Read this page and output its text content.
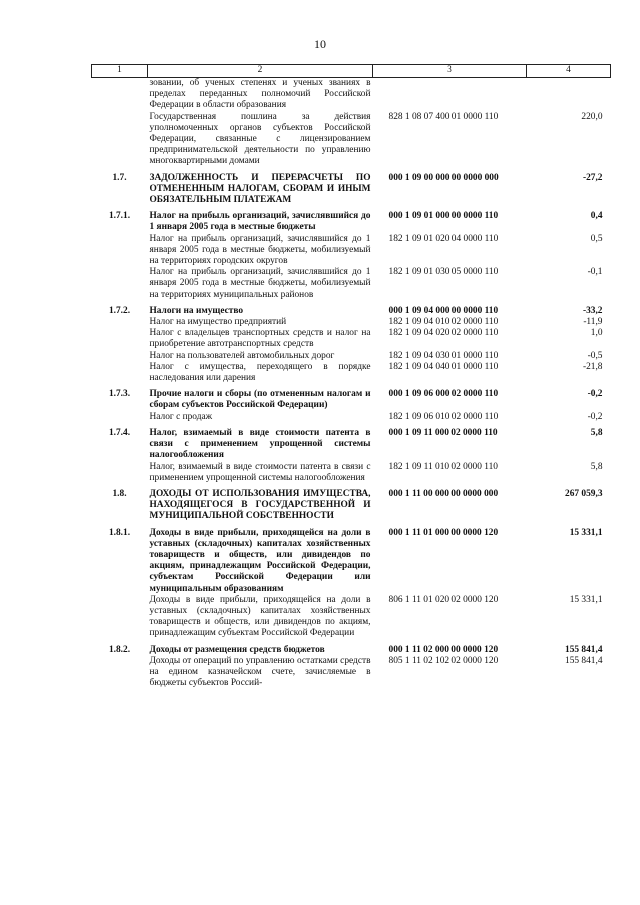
10
1	2	3	4
	зовании, об ученых степенях и ученых званиях в пределах переданных полномочий Российской Федерации в области образования		
	Государственная пошлина за действия уполномоченных органов субъектов Российской Федерации, связанные с лицензированием предпринимательской деятельности по управлению многоквартирными домами	828 1 08 07 400 01 0000 110	220,0
1.7.	ЗАДОЛЖЕННОСТЬ И ПЕРЕРАСЧЕТЫ ПО ОТМЕНЕННЫМ НАЛОГАМ, СБОРАМ И ИНЫМ ОБЯЗАТЕЛЬНЫМ ПЛАТЕЖАМ	000 1 09 00 000 00 0000 000	-27,2
1.7.1.	Налог на прибыль организаций, зачислявшийся до 1 января 2005 года в местные бюджеты	000 1 09 01 000 00 0000 110	0,4
	Налог на прибыль организаций, зачислявшийся до 1 января 2005 года в местные бюджеты, мобилизуемый на территориях городских округов	182 1 09 01 020 04 0000 110	0,5
	Налог на прибыль организаций, зачислявшийся до 1 января 2005 года в местные бюджеты, мобилизуемый на территориях муниципальных районов	182 1 09 01 030 05 0000 110	-0,1
1.7.2.	Налоги на имущество	000 1 09 04 000 00 0000 110	-33,2
	Налог на имущество предприятий	182 1 09 04 010 02 0000 110	-11,9
	Налог с владельцев транспортных средств и налог на приобретение автотранспортных средств	182 1 09 04 020 02 0000 110	1,0
	Налог на пользователей автомобильных дорог	182 1 09 04 030 01 0000 110	-0,5
	Налог с имущества, переходящего в порядке наследования или дарения	182 1 09 04 040 01 0000 110	-21,8
1.7.3.	Прочие налоги и сборы (по отмененным налогам и сборам субъектов Российской Федерации)	000 1 09 06 000 02 0000 110	-0,2
	Налог с продаж	182 1 09 06 010 02 0000 110	-0,2
1.7.4.	Налог, взимаемый в виде стоимости патента в связи с применением упрощенной системы налогообложения	000 1 09 11 000 02 0000 110	5,8
	Налог, взимаемый в виде стоимости патента в связи с применением упрощенной системы налогообложения	182 1 09 11 010 02 0000 110	5,8
1.8.	ДОХОДЫ ОТ ИСПОЛЬЗОВАНИЯ ИМУЩЕСТВА, НАХОДЯЩЕГОСЯ В ГОСУДАРСТВЕННОЙ И МУНИЦИПАЛЬНОЙ СОБСТВЕННОСТИ	000 1 11 00 000 00 0000 000	267 059,3
1.8.1.	Доходы в виде прибыли, приходящейся на доли в уставных (складочных) капиталах хозяйственных товариществ и обществ, или дивидендов по акциям, принадлежащим Российской Федерации, субъектам Российской Федерации или муниципальным образованиям	000 1 11 01 000 00 0000 120	15 331,1
	Доходы в виде прибыли, приходящейся на доли в уставных (складочных) капиталах хозяйственных товариществ и обществ, или дивидендов по акциям, принадлежащим субъектам Российской Федерации	806 1 11 01 020 02 0000 120	15 331,1
1.8.2.	Доходы от размещения средств бюджетов	000 1 11 02 000 00 0000 120	155 841,4
	Доходы от операций по управлению остатками средств на едином казначейском счете, зачисляемые в бюджеты субъектов Россий-	805 1 11 02 102 02 0000 120	155 841,4
